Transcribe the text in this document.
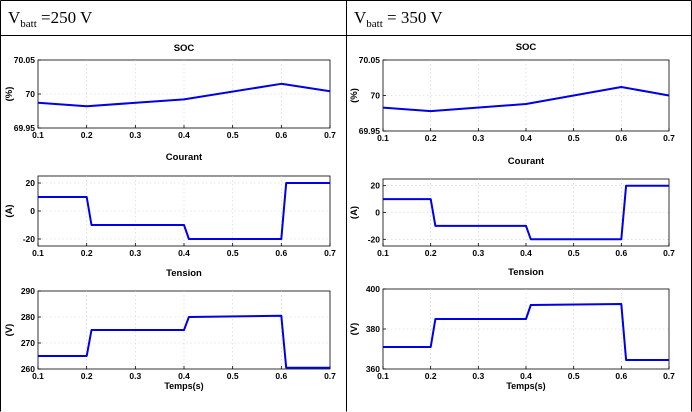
$V_{batt} =250$ V	$V_{batt} = 350$ V
0.1	0.2	0.3	0.4	0.5	0.6	0.7
70.05
70
69.95
SOC
(%)
0.1	0.2	0.3	0.4	0.5	0.6	0.7
20
0
-20
Courant
(A)
0.1	0.2	0.3	0.4	0.5	0.6	0.7
290
280
270
260
Tension
(V)
Temps(s)
0.1	0.2	0.3	0.4	0.5	0.6	0.7
70.05
70
69.95
SOC
(%)
0.1	0.2	0.3	0.4	0.5	0.6	0.7
20
0
-20
Courant
(A)
0.1	0.2	0.3	0.4	0.5	0.6	0.7
400
380
360
Tension
(V)
Temps(s)
